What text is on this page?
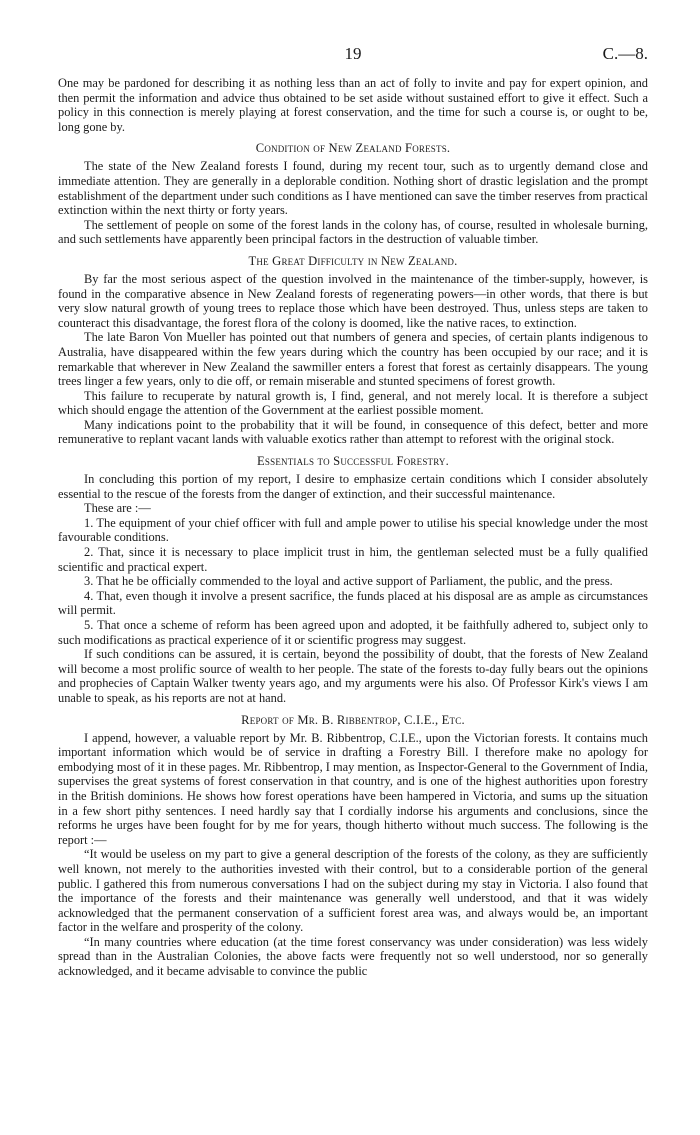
19	C.—8.

One may be pardoned for describing it as nothing less than an act of folly to invite and pay for expert opinion, and then permit the information and advice thus obtained to be set aside without sustained effort to give it effect. Such a policy in this connection is merely playing at forest conservation, and the time for such a course is, or ought to be, long gone by.

Condition of New Zealand Forests.

The state of the New Zealand forests I found, during my recent tour, such as to urgently demand close and immediate attention. They are generally in a deplorable condition. Nothing short of drastic legislation and the prompt establishment of the department under such conditions as I have mentioned can save the timber reserves from practical extinction within the next thirty or forty years.

The settlement of people on some of the forest lands in the colony has, of course, resulted in wholesale burning, and such settlements have apparently been principal factors in the destruction of valuable timber.

The Great Difficulty in New Zealand.

By far the most serious aspect of the question involved in the maintenance of the timber-supply, however, is found in the comparative absence in New Zealand forests of regenerating powers—in other words, that there is but very slow natural growth of young trees to replace those which have been destroyed. Thus, unless steps are taken to counteract this disadvantage, the forest flora of the colony is doomed, like the native races, to extinction.

The late Baron Von Mueller has pointed out that numbers of genera and species, of certain plants indigenous to Australia, have disappeared within the few years during which the country has been occupied by our race; and it is remarkable that wherever in New Zealand the sawmiller enters a forest that forest as certainly disappears. The young trees linger a few years, only to die off, or remain miserable and stunted specimens of forest growth.

This failure to recuperate by natural growth is, I find, general, and not merely local. It is therefore a subject which should engage the attention of the Government at the earliest possible moment.

Many indications point to the probability that it will be found, in consequence of this defect, better and more remunerative to replant vacant lands with valuable exotics rather than attempt to reforest with the original stock.

Essentials to Successful Forestry.

In concluding this portion of my report, I desire to emphasize certain conditions which I consider absolutely essential to the rescue of the forests from the danger of extinction, and their successful maintenance.

These are :—

1. The equipment of your chief officer with full and ample power to utilise his special knowledge under the most favourable conditions.

2. That, since it is necessary to place implicit trust in him, the gentleman selected must be a fully qualified scientific and practical expert.

3. That he be officially commended to the loyal and active support of Parliament, the public, and the press.

4. That, even though it involve a present sacrifice, the funds placed at his disposal are as ample as circumstances will permit.

5. That once a scheme of reform has been agreed upon and adopted, it be faithfully adhered to, subject only to such modifications as practical experience of it or scientific progress may suggest.

If such conditions can be assured, it is certain, beyond the possibility of doubt, that the forests of New Zealand will become a most prolific source of wealth to her people. The state of the forests to-day fully bears out the opinions and prophecies of Captain Walker twenty years ago, and my arguments were his also. Of Professor Kirk's views I am unable to speak, as his reports are not at hand.

Report of Mr. B. Ribbentrop, C.I.E., Etc.

I append, however, a valuable report by Mr. B. Ribbentrop, C.I.E., upon the Victorian forests. It contains much important information which would be of service in drafting a Forestry Bill. I therefore make no apology for embodying most of it in these pages. Mr. Ribbentrop, I may mention, as Inspector-General to the Government of India, supervises the great systems of forest conservation in that country, and is one of the highest authorities upon forestry in the British dominions. He shows how forest operations have been hampered in Victoria, and sums up the situation in a few short pithy sentences. I need hardly say that I cordially indorse his arguments and conclusions, since the reforms he urges have been fought for by me for years, though hitherto without much success. The following is the report :—

“It would be useless on my part to give a general description of the forests of the colony, as they are sufficiently well known, not merely to the authorities invested with their control, but to a considerable portion of the general public. I gathered this from numerous conversations I had on the subject during my stay in Victoria. I also found that the importance of the forests and their maintenance was generally well understood, and that it was widely acknowledged that the permanent conservation of a sufficient forest area was, and always would be, an important factor in the welfare and prosperity of the colony.

“In many countries where education (at the time forest conservancy was under consideration) was less widely spread than in the Australian Colonies, the above facts were frequently not so well understood, nor so generally acknowledged, and it became advisable to convince the public
